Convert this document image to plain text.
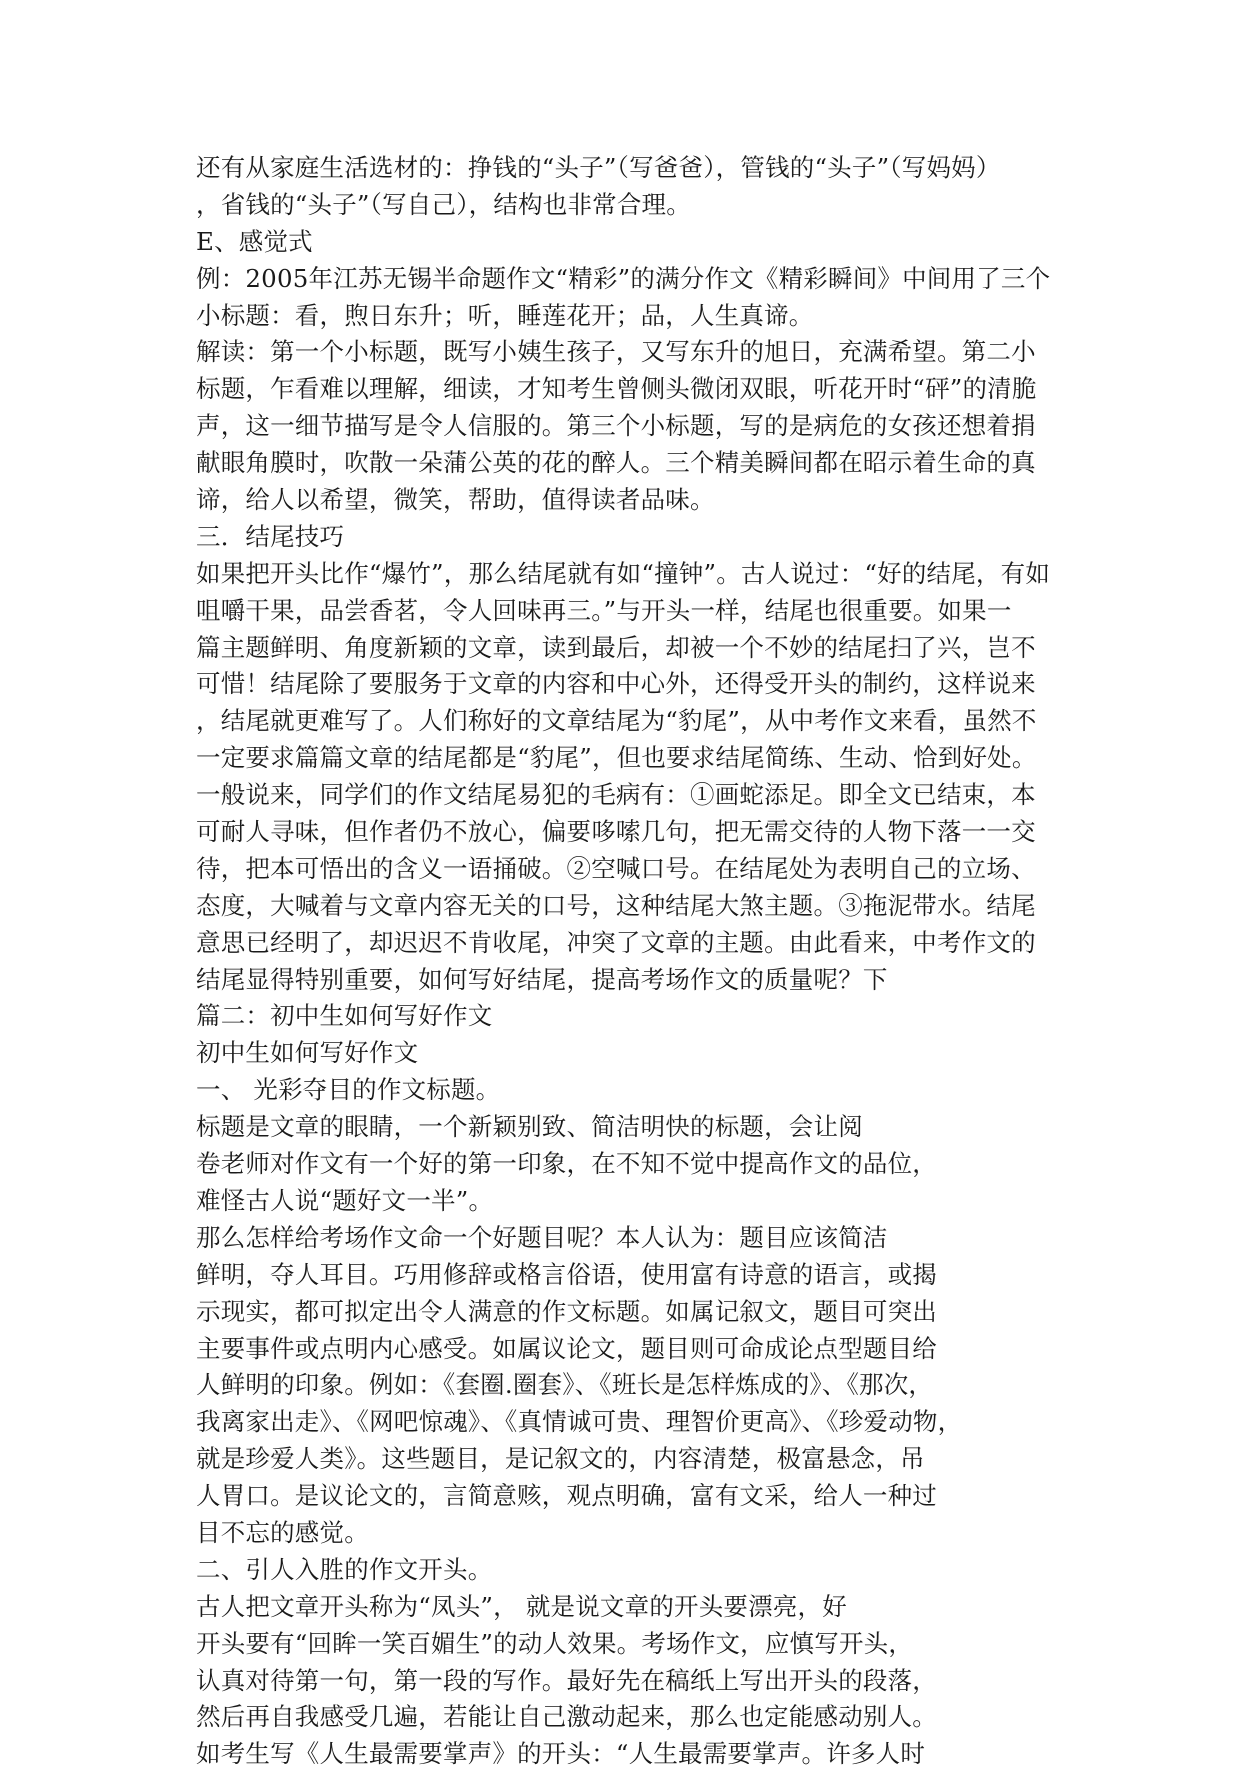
还有从家庭生活选材的：挣钱的“头子”（写爸爸），管钱的“头子”（写妈妈）
，省钱的“头子”（写自己），结构也非常合理。
E、感觉式
例：2005年江苏无锡半命题作文“精彩”的满分作文《精彩瞬间》中间用了三个
小标题：看，煦日东升；听，睡莲花开；品，人生真谛。
解读：第一个小标题，既写小姨生孩子，又写东升的旭日，充满希望。第二小
标题，乍看难以理解，细读，才知考生曾侧头微闭双眼，听花开时“砰”的清脆
声，这一细节描写是令人信服的。第三个小标题，写的是病危的女孩还想着捐
献眼角膜时，吹散一朵蒲公英的花的醉人。三个精美瞬间都在昭示着生命的真
谛，给人以希望，微笑，帮助，值得读者品味。
三．结尾技巧
如果把开头比作“爆竹”，那么结尾就有如“撞钟”。古人说过：“好的结尾，有如
咀嚼干果，品尝香茗，令人回味再三。”与开头一样，结尾也很重要。如果一
篇主题鲜明、角度新颖的文章，读到最后，却被一个不妙的结尾扫了兴，岂不
可惜！结尾除了要服务于文章的内容和中心外，还得受开头的制约，这样说来
，结尾就更难写了。人们称好的文章结尾为“豹尾”，从中考作文来看，虽然不
一定要求篇篇文章的结尾都是“豹尾”，但也要求结尾简练、生动、恰到好处。
一般说来，同学们的作文结尾易犯的毛病有：①画蛇添足。即全文已结束，本
可耐人寻味，但作者仍不放心，偏要哆嗦几句，把无需交待的人物下落一一交
待，把本可悟出的含义一语捅破。②空喊口号。在结尾处为表明自己的立场、
态度，大喊着与文章内容无关的口号，这种结尾大煞主题。③拖泥带水。结尾
意思已经明了，却迟迟不肯收尾，冲突了文章的主题。由此看来，中考作文的
结尾显得特别重要，如何写好结尾，提高考场作文的质量呢？下
篇二：初中生如何写好作文
初中生如何写好作文
一、 光彩夺目的作文标题。
标题是文章的眼睛，一个新颖别致、简洁明快的标题，会让阅
卷老师对作文有一个好的第一印象，在不知不觉中提高作文的品位，
难怪古人说“题好文一半”。
那么怎样给考场作文命一个好题目呢？本人认为：题目应该简洁
鲜明，夺人耳目。巧用修辞或格言俗语，使用富有诗意的语言，或揭
示现实，都可拟定出令人满意的作文标题。如属记叙文，题目可突出
主要事件或点明内心感受。如属议论文，题目则可命成论点型题目给
人鲜明的印象。例如：《套圈.圈套》、《班长是怎样炼成的》、《那次，
我离家出走》、《网吧惊魂》、《真情诚可贵、理智价更高》、《珍爱动物，
就是珍爱人类》。这些题目，是记叙文的，内容清楚，极富悬念，吊
人胃口。是议论文的，言简意赅，观点明确，富有文采，给人一种过
目不忘的感觉。
二、引人入胜的作文开头。
古人把文章开头称为“凤头”， 就是说文章的开头要漂亮，好
开头要有“回眸一笑百媚生”的动人效果。考场作文，应慎写开头，
认真对待第一句，第一段的写作。最好先在稿纸上写出开头的段落，
然后再自我感受几遍，若能让自己激动起来，那么也定能感动别人。
如考生写《人生最需要掌声》的开头：“人生最需要掌声。许多人时
